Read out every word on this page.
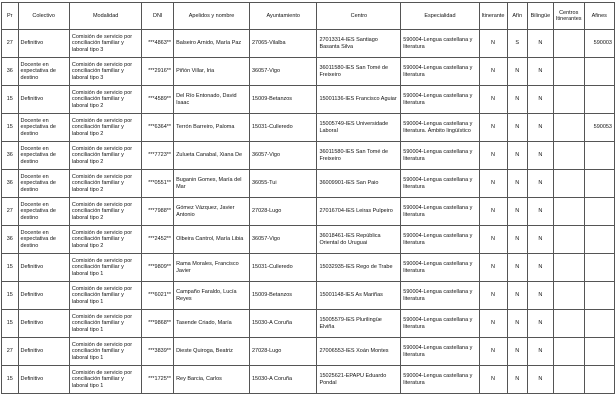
Pr	Colectivo	Modalidad	DNI	Apelidos y nombre	Ayuntamiento	Centro	Especialidad	Itinerante	Afín	Bilingüe	Centros Itinerantes	Afines
27	Definitivo	Comisión de servicio por conciliación familiar y laboral tipo 3	***4863**	Balseiro Arnido, María Paz	27065-Vilalba	27013314-IES Santiago Basanta Silva	590004-Lengua castellana y literatura	N	S	N		590003
36	Docente en expectativa de destino	Comisión de servicio por conciliación familiar y laboral tipo 3	***2916**	Piñón Villar, Iria	36057-Vigo	36011580-IES San Tomé de Freixeiro	590004-Lengua castellana y literatura	N	N	N		
15	Definitivo	Comisión de servicio por conciliación familiar y laboral tipo 2	***4589**	Del Río Entonado, David Isaac	15009-Betanzos	15001136-IES Francisco Aguiar	590004-Lengua castellana y literatura	N	N	N		
15	Docente en expectativa de destino	Comisión de servicio por conciliación familiar y laboral tipo 2	***6364**	Terrón Barreiro, Paloma	15031-Culleredo	15005749-IES Universidade Laboral	590004-Lengua castellana y literatura. Ámbito lingüístico	N	N	N		590053
36	Docente en expectativa de destino	Comisión de servicio por conciliación familiar y laboral tipo 2	***7723**	Zulueta Canabal, Xiana De	36057-Vigo	36011580-IES San Tomé de Freixeiro	590004-Lengua castellana y literatura	N	N	N		
36	Docente en expectativa de destino	Comisión de servicio por conciliación familiar y laboral tipo 2	***0551**	Buganin Gomes, María del Mar	36055-Tui	36009901-IES San Paio	590004-Lengua castellana y literatura	N	N	N		
27	Docente en expectativa de destino	Comisión de servicio por conciliación familiar y laboral tipo 2	***7988**	Gómez Vázquez, Javier Antonio	27028-Lugo	27016704-IES Leiras Pulpeiro	590004-Lengua castellana y literatura	N	N	N		
36	Docente en expectativa de destino	Comisión de servicio por conciliación familiar y laboral tipo 2	***2452**	Olbeira Cantrol, María Libia	36057-Vigo	36018461-IES República Oriental do Uruguai	590004-Lengua castellana y literatura	N	N	N		
15	Definitivo	Comisión de servicio por conciliación familiar y laboral tipo 1	***9809**	Rama Morales, Francisco Javier	15031-Culleredo	15032935-IES Rego de Trabe	590004-Lengua castellana y literatura	N	N	N		
15	Definitivo	Comisión de servicio por conciliación familiar y laboral tipo 1	***6021**	Campaño Faraldo, Lucía Reyes	15009-Betanzos	15001148-IES As Mariñas	590004-Lengua castellana y literatura	N	N	N		
15	Definitivo	Comisión de servicio por conciliación familiar y laboral tipo 1	***9868**	Tasende Criado, María	15030-A Coruña	15005579-IES Plurilingüe Elviña	590004-Lengua castellana y literatura	N	N	N		
27	Definitivo	Comisión de servicio por conciliación familiar y laboral tipo 1	***3839**	Dieste Quiroga, Beatriz	27028-Lugo	27006553-IES Xoán Montes	590004-Lengua castellana y literatura	N	N	N		
15	Definitivo	Comisión de servicio por conciliación familiar y laboral tipo 1	***1725**	Rey Barcia, Carlos	15030-A Coruña	15025621-EPAPU Eduardo Pondal	590004-Lengua castellana y literatura	N	N	N		
